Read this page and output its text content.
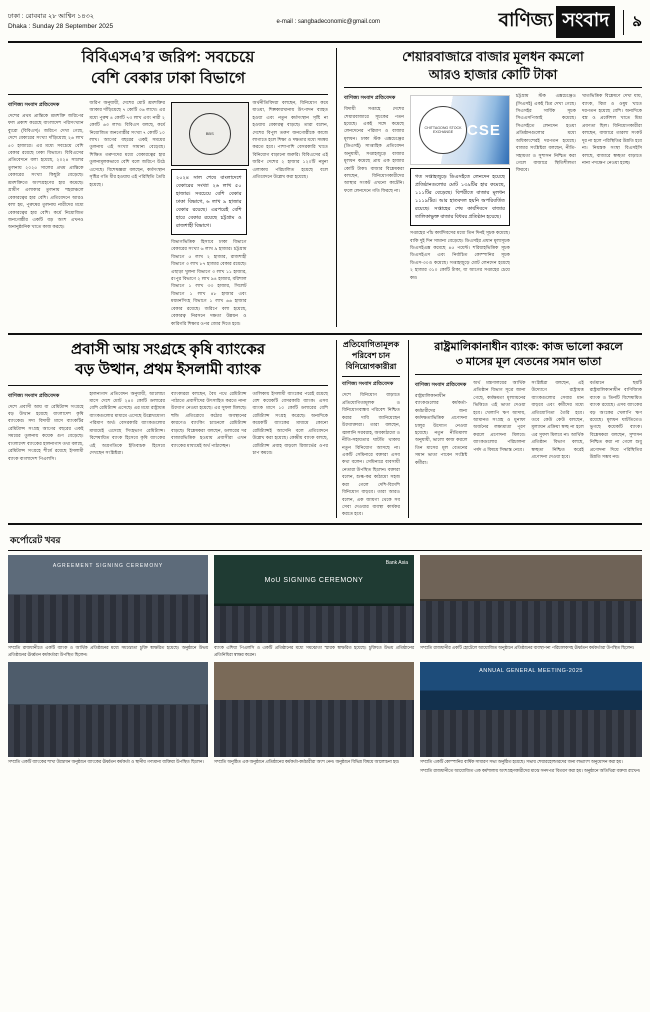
ঢাকা : রোববার ২৮ আশ্বিন ১৪৩২
Dhaka : Sunday 28 September 2025
e-mail : sangbadeconomic@gmail.com	বাণিজ্য সংবাদ	৯
বিবিএসএ’র জরিপ: সবচেয়ে
বেশি বেকার ঢাকা বিভাগে
বাণিজ্য সংবাদ প্রতিবেদক
দেশের প্রথম প্রান্তিকে শ্রমশক্তি জরিপের ফল প্রকাশ করেছে বাংলাদেশ পরিসংখ্যান ব্যুরো (বিবিএস)। জরিপে দেখা গেছে, দেশে বেকারের সংখ্যা দাঁড়িয়েছে ২৬ লাখ ৫০ হাজারে। এর মধ্যে সবচেয়ে বেশি বেকার রয়েছে ঢাকা বিভাগে। বিবিএসের প্রতিবেদনে বলা হয়েছে, ২০২৪ সালের তুলনায় ২০২৫ সালের প্রথম প্রান্তিকে বেকারের সংখ্যা কিছুটা বেড়েছে। শ্রমশক্তিতে অংশগ্রহণের হার কমেছে। গ্রামীণ এলাকার তুলনায় শহরাঞ্চলে বেকারত্বের হার বেশি। প্রতিবেদনে আরও বলা হয়, পুরুষের তুলনায় নারীদের মধ্যে বেকারত্বের হার বেশি। কর্মে নিয়োজিত জনগোষ্ঠীর একটি বড় অংশ এখনও অনানুষ্ঠানিক খাতে কাজ করছে।
জরিপ অনুযায়ী, দেশের মোট শ্রমশক্তির আকার দাঁড়িয়েছে ৭ কোটি ৩৬ লাখে। এর মধ্যে পুরুষ ৪ কোটি ৭৩ লাখ এবং নারী ২ কোটি ৬৩ লাখ। বিবিএস বলছে, কর্মে নিয়োজিত জনগোষ্ঠীর সংখ্যা ৭ কোটি ১০ লাখ। আগের বছরের একই সময়ের তুলনায় এই সংখ্যা সামান্য বেড়েছে। শিক্ষিত তরুণদের মধ্যে বেকারত্বের হার তুলনামূলকভাবে বেশি বলে জরিপে উঠে এসেছে। বিশেষজ্ঞরা বলছেন, কর্মসংস্থান সৃষ্টির গতি ধীর হওয়ায় এই পরিস্থিতি তৈরি হয়েছে।
BBS
২০২৪ সাল শেষে বাংলাদেশে বেকারের সংখ্যা ২৬ লাখ ৫০ হাজার। সবচেয়ে বেশি বেকার ঢাকা বিভাগে, ৬ লাখ ৯ হাজার বেকার রয়েছে। এরপরেই বেশি হারে বেকার রয়েছে চট্টগ্রাম ও রাজশাহী বিভাগে।
বিভাগভিত্তিক হিসাবে ঢাকা বিভাগে বেকারের সংখ্যা ৬ লাখ ৯ হাজার। চট্টগ্রাম বিভাগে ৫ লাখ ২ হাজার, রাজশাহী বিভাগে ৩ লাখ ৮৭ হাজার বেকার রয়েছে। এছাড়া খুলনা বিভাগে ৩ লাখ ১১ হাজার, রংপুর বিভাগে ২ লাখ ৯৪ হাজার, বরিশাল বিভাগে ১ লাখ ৩৩ হাজার, সিলেট বিভাগে ১ লাখ ৪৮ হাজার এবং ময়মনসিংহ বিভাগে ১ লাখ ৬৬ হাজার বেকার রয়েছে। জরিপে বলা হয়েছে, বেকারত্ব নিরসনে দক্ষতা উন্নয়ন ও কারিগরি শিক্ষার ওপর জোর দিতে হবে।
অর্থনীতিবিদরা বলছেন, বিনিয়োগ কমে যাওয়া, শিল্পকারখানায় উৎপাদন ব্যাহত হওয়া এবং নতুন কর্মসংস্থান সৃষ্টি না হওয়ায় বেকারত্ব বাড়ছে। তারা বলেন, দেশের বিপুল তরুণ জনগোষ্ঠীকে কাজে লাগাতে হলে শিক্ষা ও দক্ষতার মধ্যে সমন্বয় করতে হবে। পাশাপাশি বেসরকারি খাতে বিনিয়োগ বাড়ানো জরুরি। বিবিএসের এই জরিপ দেশের ২ হাজার ১২০টি নমুনা এলাকায় পরিচালিত হয়েছে বলে প্রতিবেদনে উল্লেখ করা হয়েছে।
শেয়ারবাজারে বাজার মূলধন কমলো
আরও হাজার কোটি টাকা
বাণিজ্য সংবাদ প্রতিবেদক
বিদায়ী সপ্তাহে দেশের শেয়ারবাজারে সূচকের পতন হয়েছে। একই সঙ্গে কমেছে লেনদেনের পরিমাণ ও বাজার মূলধন। ঢাকা স্টক এক্সচেঞ্জের (ডিএসই) সাপ্তাহিক প্রতিবেদন অনুযায়ী, সপ্তাহজুড়ে বাজার মূলধন কমেছে প্রায় এক হাজার কোটি টাকা। বাজার বিশ্লেষকরা বলছেন, বিনিয়োগকারীদের আস্থার সংকট এখনো কাটেনি। ফলে লেনদেনে গতি ফিরছে না।
CHITTAGONG STOCK EXCHANGE CSE
গত সপ্তাহজুড়ে ডিএসইতে লেনদেন হয়েছে প্রতিষ্ঠানগুলোর মোট ১৩৯টির হার কমেছে, ১১১টির বেড়েছে। বিপরীতে বাজার মূলধন ১১১৯টির। আর হাতবদল হয়নি অপরিবর্তিত রয়েছে। সপ্তাহের শেষ কার্যদিবসে বাজার তালিকাভুক্ত বাজার বিধবর প্রতিষ্ঠান হয়েছে।
সপ্তাহের পাঁচ কার্যদিবসের মধ্যে তিন দিনই সূচক কমেছে। বাকি দুই দিন সামান্য বেড়েছে। ডিএসইর প্রধান মূল্যসূচক ডিএসইএক্স কমেছে ৪৫ পয়েন্ট। শরিয়াহভিত্তিক সূচক ডিএসইএস এবং নির্বাচিত কোম্পানির সূচক ডিএস-৩০ও কমেছে। সপ্তাহজুড়ে মোট লেনদেন হয়েছে ২ হাজার ৩১০ কোটি টাকা, যা আগের সপ্তাহের চেয়ে কম।
চট্টগ্রাম স্টক এক্সচেঞ্জেও (সিএসই) একই চিত্র দেখা গেছে। সিএসইর সার্বিক সূচক সিএএসপিআই কমেছে। সিএসইতে লেনদেন হওয়া প্রতিষ্ঠানগুলোর মধ্যে অধিকাংশেরই দরপতন হয়েছে। বাজার সংশ্লিষ্টরা বলছেন, নীতি-সহায়তা ও সুশাসন নিশ্চিত করা গেলে বাজারে স্থিতিশীলতা ফিরবে।
খাতভিত্তিক বিশ্লেষণে দেখা যায়, ব্যাংক, বিমা ও ওষুধ খাতে দরপতন হয়েছে বেশি। অন্যদিকে বস্ত্র ও প্রকৌশল খাতে মিশ্র প্রবণতা ছিল। বিনিয়োগকারীরা বলছেন, বাজারে তারল্য সংকট দূর না হলে পরিস্থিতির উন্নতি হবে না। নিয়ন্ত্রক সংস্থা বিএসইসি বলছে, বাজারে স্বচ্ছতা বাড়াতে নানা পদক্ষেপ নেওয়া হচ্ছে।
প্রবাসী আয় সংগ্রহে কৃষি ব্যাংকের
বড় উত্থান, প্রথম ইসলামী ব্যাংক
বাণিজ্য সংবাদ প্রতিবেদক
দেশে প্রবাসী আয় বা রেমিট্যান্স সংগ্রহে বড় উত্থান হয়েছে বাংলাদেশ কৃষি ব্যাংকের। সদ্য বিদায়ী মাসে ব্যাংকটির রেমিট্যান্স সংগ্রহ আগের বছরের একই সময়ের তুলনায় কয়েক গুণ বেড়েছে। বাংলাদেশ ব্যাংকের হালনাগাদ তথ্য বলছে, রেমিট্যান্স সংগ্রহে শীর্ষে রয়েছে ইসলামী ব্যাংক বাংলাদেশ পিএলসি।
হালনাগাদ প্রতিবেদন অনুযায়ী, আলোচ্য মাসে দেশে মোট ২৪০ কোটি ডলারের বেশি রেমিট্যান্স এসেছে। এর মধ্যে রাষ্ট্রায়ত্ত ব্যাংকগুলোর মাধ্যমে এসেছে উল্লেখযোগ্য পরিমাণ অর্থ। বেসরকারি ব্যাংকগুলোর মাধ্যমেই এসেছে সিংহভাগ রেমিট্যান্স। বিশেষায়িত ব্যাংক হিসেবে কৃষি ব্যাংকের এই অগ্রগতিকে ইতিবাচক হিসেবে দেখছেন সংশ্লিষ্টরা।
ব্যাংকাররা বলছেন, বৈধ পথে রেমিট্যান্স পাঠাতে প্রবাসীদের উৎসাহিত করতে নানা উদ্যোগ নেওয়া হয়েছে। এর সুফল মিলছে। হুন্ডি প্রতিরোধে কঠোর অবস্থানের কারণেও ব্যাংকিং চ্যানেলে রেমিট্যান্স বাড়ছে। বিশ্লেষকরা বলছেন, ডলারের দর বাজারভিত্তিক হওয়ায় প্রবাসীরা এখন ব্যাংকের মাধ্যমেই অর্থ পাঠাচ্ছেন।
তালিকায় ইসলামী ব্যাংকের পরেই রয়েছে বেশ কয়েকটি বেসরকারি ব্যাংক। এসব ব্যাংক মাসে ১০ কোটি ডলারের বেশি রেমিট্যান্স সংগ্রহ করেছে। অন্যদিকে কয়েকটি ব্যাংকের মাধ্যমে কোনো রেমিট্যান্সই আসেনি বলে প্রতিবেদনে উল্লেখ করা হয়েছে। কেন্দ্রীয় ব্যাংক বলছে, রেমিট্যান্স প্রবাহ বাড়লে রিজার্ভের ওপর চাপ কমবে।
প্রতিযোগিতামূলক
পরিবেশ চান
বিনিয়োগকারীরা
বাণিজ্য সংবাদ প্রতিবেদক
দেশে বিনিয়োগ বাড়াতে প্রতিযোগিতামূলক ও বিনিয়োগবান্ধব পরিবেশ নিশ্চিত করার দাবি জানিয়েছেন উদ্যোক্তারা। তারা বলছেন, জ্বালানি সরবরাহ, অবকাঠামো ও নীতি-সহায়তার ঘাটতি থাকায় নতুন বিনিয়োগ আসছে না। একটি সেমিনারে বক্তারা এসব কথা বলেন। সেমিনারে ব্যবসায়ী নেতারা উপস্থিত ছিলেন। বক্তারা বলেন, শুল্ক-কর কাঠামো সহজ করা গেলে দেশি-বিদেশি বিনিয়োগ বাড়বে। তারা আরও বলেন, এক জায়গা থেকে সব সেবা দেওয়ার ব্যবস্থা কার্যকর করতে হবে।
রাষ্ট্রমালিকানাধীন ব্যাংক: কাজ ভালো করলে
৩ মাসের মূল বেতনের সমান ভাতা
বাণিজ্য সংবাদ প্রতিবেদক
রাষ্ট্রমালিকানাধীন ব্যাংকগুলোর কর্মকর্তা-কর্মচারীদের জন্য কর্মদক্ষতাভিত্তিক প্রণোদনা চালুর উদ্যোগ নেওয়া হয়েছে। নতুন নীতিমালা অনুযায়ী, ভালো কাজ করলে তিন মাসের মূল বেতনের সমান ভাতা পাবেন সংশ্লিষ্ট কর্মীরা।
অর্থ মন্ত্রণালয়ের আর্থিক প্রতিষ্ঠান বিভাগ সূত্রে জানা গেছে, কর্মক্ষমতা মূল্যায়নের ভিত্তিতে এই ভাতা দেওয়া হবে। খেলাপি ঋণ আদায়, আমানত সংগ্রহ ও মুনাফা অর্জনের লক্ষ্যমাত্রা পূরণ করলে প্রণোদনা মিলবে। ব্যাংকগুলোর পরিচালনা পর্ষদ এ বিষয়ে সিদ্ধান্ত নেবে।
সংশ্লিষ্টরা বলছেন, এই উদ্যোগে রাষ্ট্রায়ত্ত ব্যাংকগুলোর সেবার মান বাড়বে এবং কর্মীদের মধ্যে প্রতিযোগিতা তৈরি হবে। তবে কেউ কেউ বলছেন, মূল্যায়ন প্রক্রিয়া স্বচ্ছ না হলে এর সুফল মিলবে না। আর্থিক প্রতিষ্ঠান বিভাগ বলছে, স্বচ্ছতা নিশ্চিত করেই প্রণোদনা দেওয়া হবে।
বর্তমানে ছয়টি রাষ্ট্রমালিকানাধীন বাণিজ্যিক ব্যাংক ও তিনটি বিশেষায়িত ব্যাংক রয়েছে। এসব ব্যাংকের বড় অংকের খেলাপি ঋণ রয়েছে। মূলধন ঘাটতিতেও ভুগছে কয়েকটি ব্যাংক। বিশ্লেষকরা বলছেন, সুশাসন নিশ্চিত করা না গেলে শুধু প্রণোদনা দিয়ে পরিস্থিতির উন্নতি সম্ভব নয়।
কর্পোরেট খবর
AGREEMENT SIGNING CEREMONY
সম্প্রতি রাজধানীতে একটি ব্যাংক ও আর্থিক প্রতিষ্ঠানের মধ্যে সমঝোতা চুক্তি স্বাক্ষরিত হয়েছে। অনুষ্ঠানে উভয় প্রতিষ্ঠানের ঊর্ধ্বতন কর্মকর্তারা উপস্থিত ছিলেন।
MoU SIGNING CEREMONY
Bank Asia
ব্যাংক এশিয়া পিএলসি ও একটি প্রতিষ্ঠানের মধ্যে সমঝোতা স্মারক স্বাক্ষরিত হয়েছে। চুক্তিতে উভয় প্রতিষ্ঠানের প্রতিনিধিরা স্বাক্ষর করেন।
সম্প্রতি রাজধানীর একটি হোটেলে আয়োজিত অনুষ্ঠানে প্রতিষ্ঠানের ব্যবস্থাপনা পরিচালকসহ ঊর্ধ্বতন কর্মকর্তারা উপস্থিত ছিলেন।
সম্প্রতি একটি ব্যাংকের শাখা উদ্বোধন অনুষ্ঠানে ব্যাংকের ঊর্ধ্বতন কর্মকর্তা ও স্থানীয় গণ্যমান্য ব্যক্তিরা উপস্থিত ছিলেন।	সম্প্রতি অনুষ্ঠিত এক অনুষ্ঠানে প্রতিষ্ঠানের কর্মকর্তা-কর্মচারীরা অংশ নেন। অনুষ্ঠানে বিভিন্ন বিষয়ে আলোচনা হয়।
ANNUAL GENERAL MEETING-2025
সম্প্রতি একটি কোম্পানির বার্ষিক সাধারণ সভা অনুষ্ঠিত হয়েছে। সভায় শেয়ারহোল্ডারদের জন্য লভ্যাংশ অনুমোদন করা হয়।
সম্প্রতি রাজধানীতে আয়োজিত এক কর্মশালায় অংশগ্রহণকারীদের মাঝে সনদপত্র বিতরণ করা হয়। অনুষ্ঠানে অতিথিরা বক্তব্য রাখেন।
